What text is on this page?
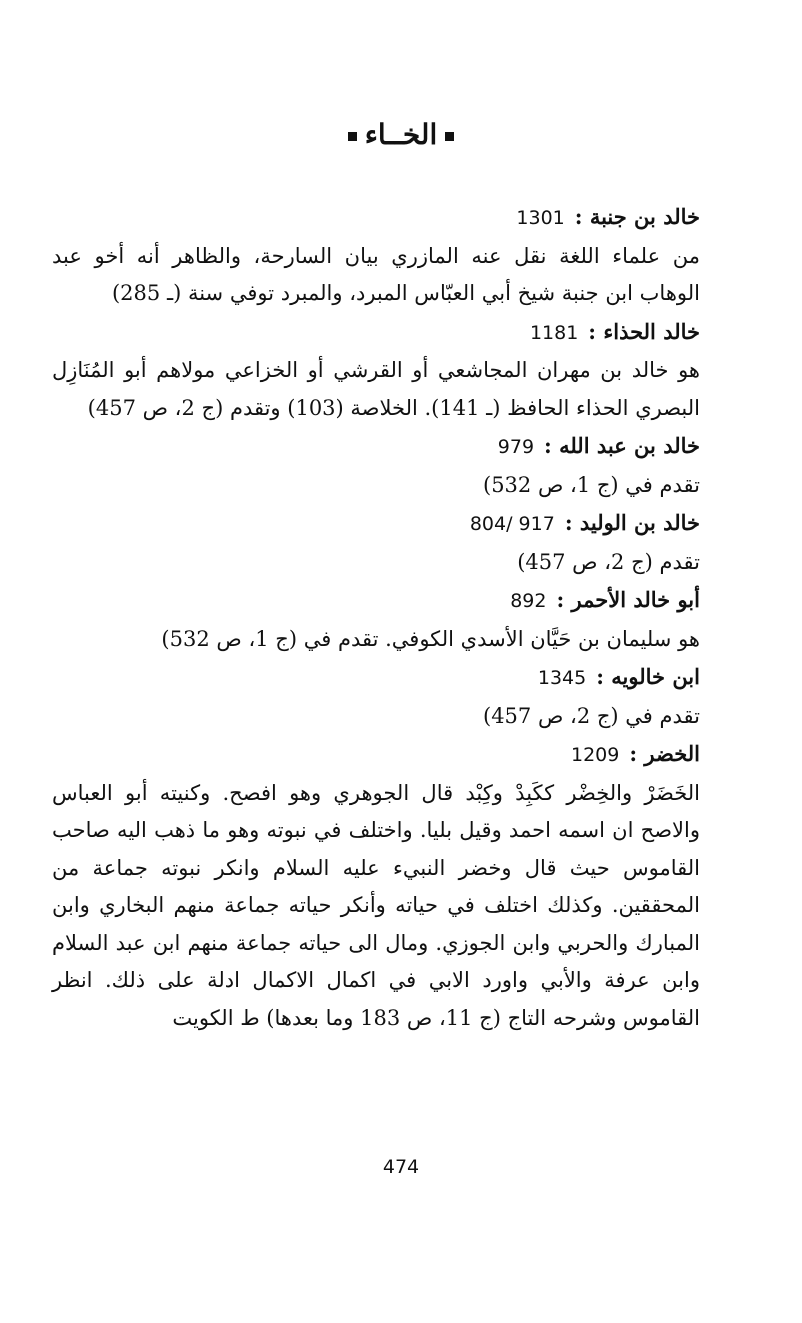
الخــاء
خالد بن جنبة :1301
من علماء اللغة نقل عنه المازري بيان السارحة، والظاهر أنه أخو عبد الوهاب ابن جنبة شيخ أبي العبّاس المبرد، والمبرد توفي سنة (ـ 285)
خالد الحذاء :1181
هو خالد بن مهران المجاشعي أو القرشي أو الخزاعي مولاهم أبو المُنَازِل البصري الحذاء الحافظ (ـ 141). الخلاصة (103) وتقدم (ج 2، ص 457)
خالد بن عبد الله :979
تقدم في (ج 1، ص 532)
خالد بن الوليد :804/ 917
تقدم (ج 2، ص 457)
أبو خالد الأحمر :892
هو سليمان بن حَيَّان الأسدي الكوفي. تقدم في (ج 1، ص 532)
ابن خالويه :1345
تقدم في (ج 2، ص 457)
الخضر :1209
الخَضَرْ والخِضْر ككَبِدْ وكِبْد قال الجوهري وهو افصح. وكنيته أبو العباس والاصح ان اسمه احمد وقيل بليا. واختلف في نبوته وهو ما ذهب اليه صاحب القاموس حيث قال وخضر النبيء عليه السلام وانكر نبوته جماعة من المحققين. وكذلك اختلف في حياته وأنكر حياته جماعة منهم البخاري وابن المبارك والحربي وابن الجوزي. ومال الى حياته جماعة منهم ابن عبد السلام وابن عرفة والأبي واورد الابي في اكمال الاكمال ادلة على ذلك. انظر القاموس وشرحه التاج (ج 11، ص 183 وما بعدها) ط الكويت
474
